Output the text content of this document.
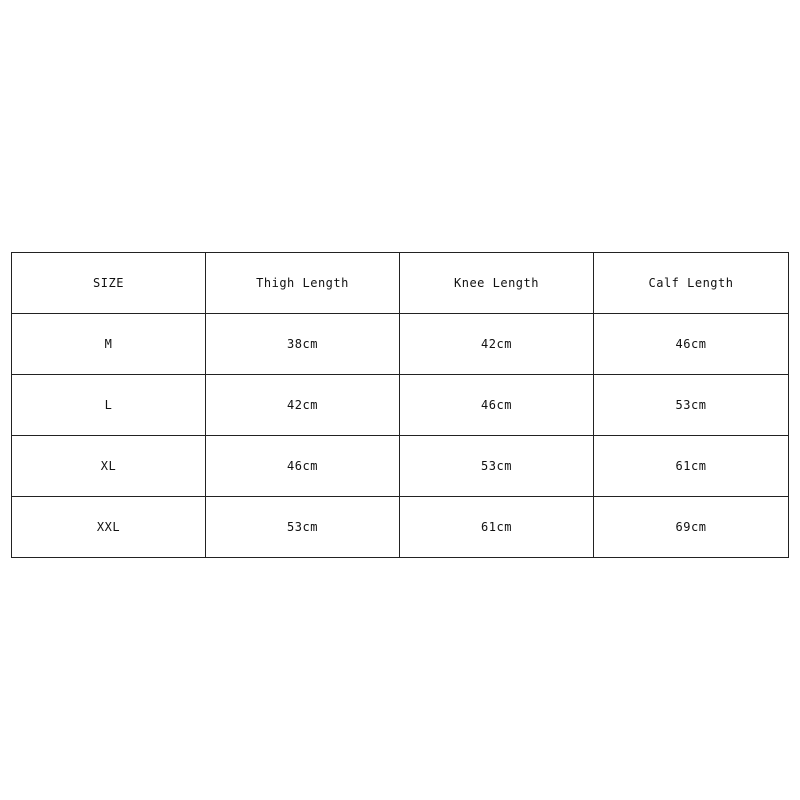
SIZE	Thigh Length	Knee Length	Calf Length
M	38cm	42cm	46cm
L	42cm	46cm	53cm
XL	46cm	53cm	61cm
XXL	53cm	61cm	69cm
